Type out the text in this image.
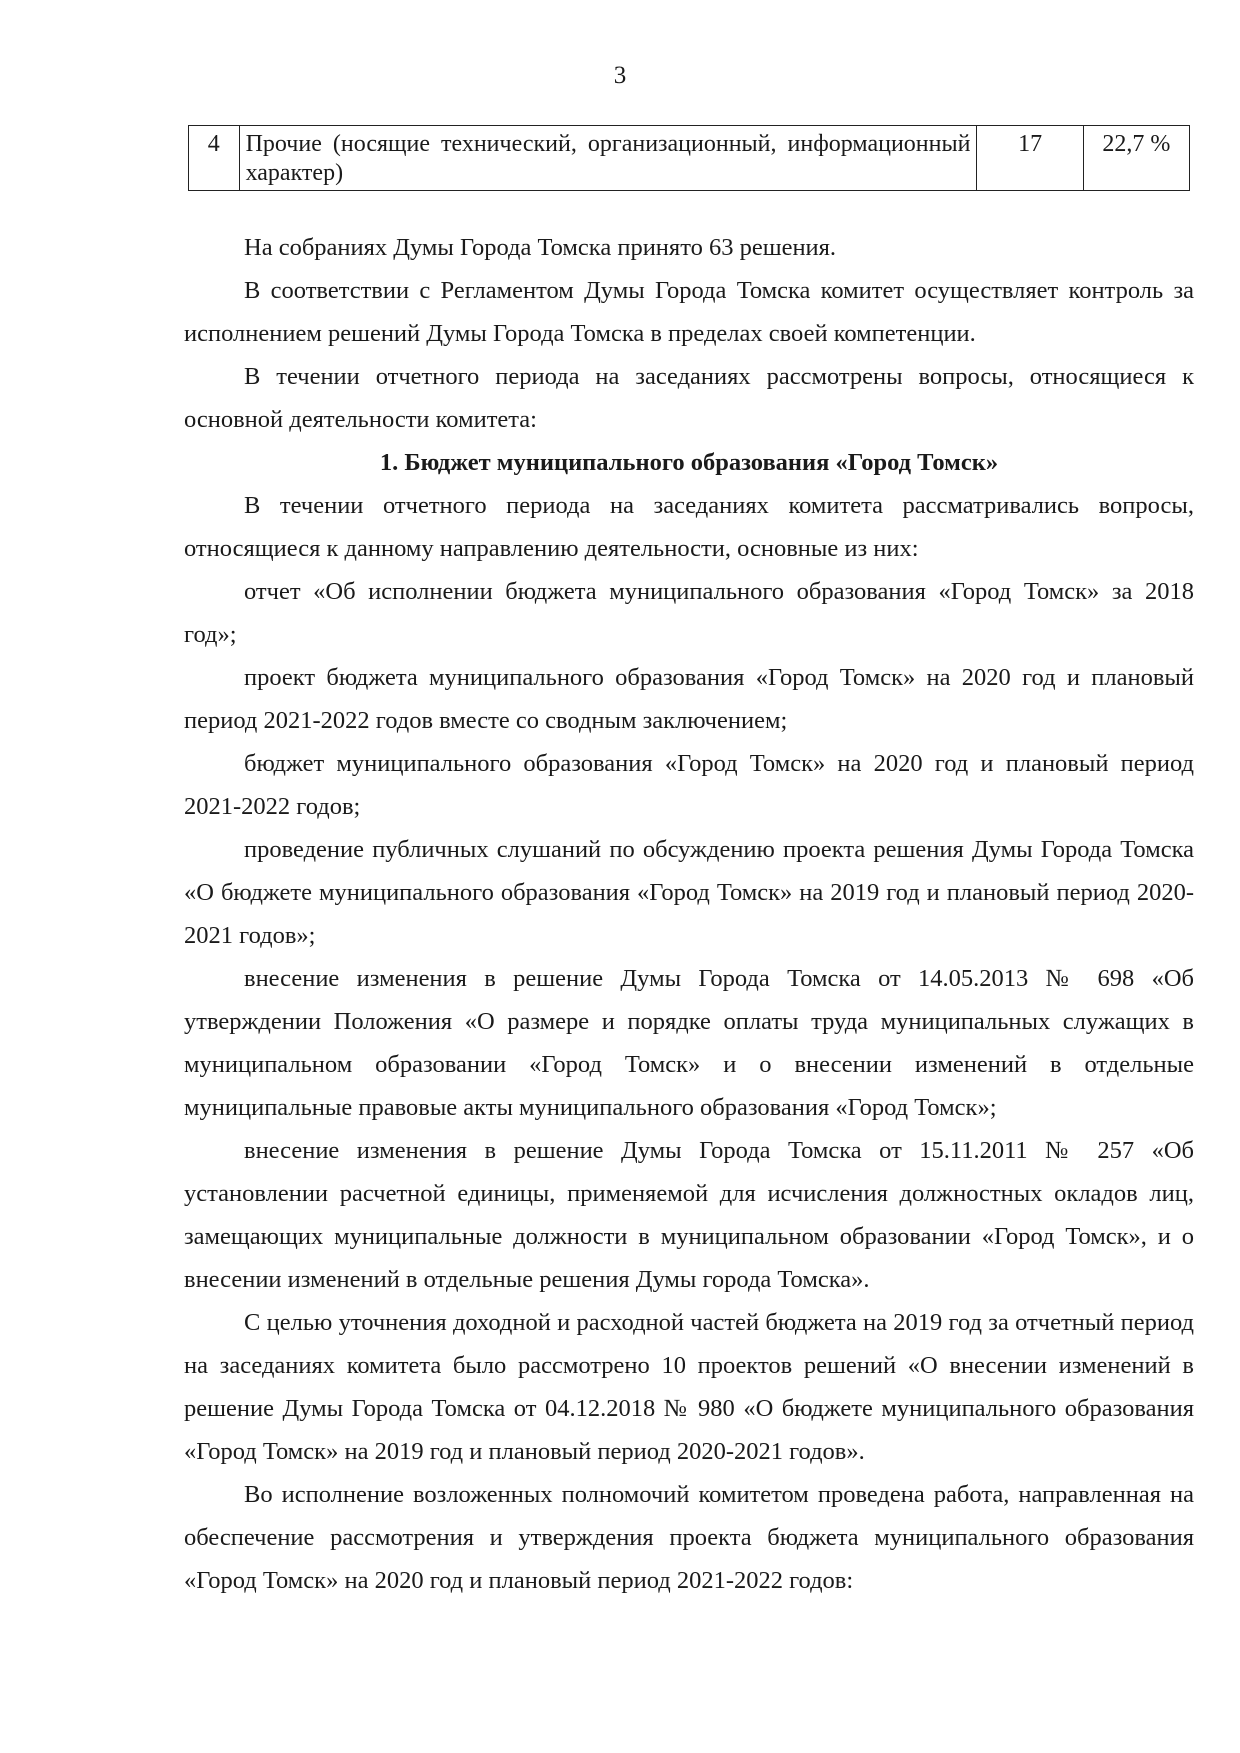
3
4	Прочие (носящие технический, организационный, информационный характер)	17	22,7 %

На собраниях Думы Города Томска принято 63 решения.

В соответствии с Регламентом Думы Города Томска комитет осуществляет контроль за исполнением решений Думы Города Томска в пределах своей компетенции.

В течении отчетного периода на заседаниях рассмотрены вопросы, относящиеся к основной деятельности комитета:

1. Бюджет муниципального образования «Город Томск»

В течении отчетного периода на заседаниях комитета рассматривались вопросы, относящиеся к данному направлению деятельности, основные из них:

отчет «Об исполнении бюджета муниципального образования «Город Томск» за 2018 год»;

проект бюджета муниципального образования «Город Томск» на 2020 год и плановый период 2021-2022 годов вместе со сводным заключением;

бюджет муниципального образования «Город Томск» на 2020 год и плановый период 2021-2022 годов;

проведение публичных слушаний по обсуждению проекта решения Думы Города Томска «О бюджете муниципального образования «Город Томск» на 2019 год и плановый период 2020-2021 годов»;

внесение изменения в решение Думы Города Томска от 14.05.2013 № 698 «Об утверждении Положения «О размере и порядке оплаты труда муниципальных служащих в муниципальном образовании «Город Томск» и о внесении изменений в отдельные муниципальные правовые акты муниципального образования «Город Томск»;

внесение изменения в решение Думы Города Томска от 15.11.2011 № 257 «Об установлении расчетной единицы, применяемой для исчисления должностных окладов лиц, замещающих муниципальные должности в муниципальном образовании «Город Томск», и о внесении изменений в отдельные решения Думы города Томска».

С целью уточнения доходной и расходной частей бюджета на 2019 год за отчетный период на заседаниях комитета было рассмотрено 10 проектов решений «О внесении изменений в решение Думы Города Томска от 04.12.2018 № 980 «О бюджете муниципального образования «Город Томск» на 2019 год и плановый период 2020-2021 годов».

Во исполнение возложенных полномочий комитетом проведена работа, направленная на обеспечение рассмотрения и утверждения проекта бюджета муниципального образования «Город Томск» на 2020 год и плановый период 2021-2022 годов:
